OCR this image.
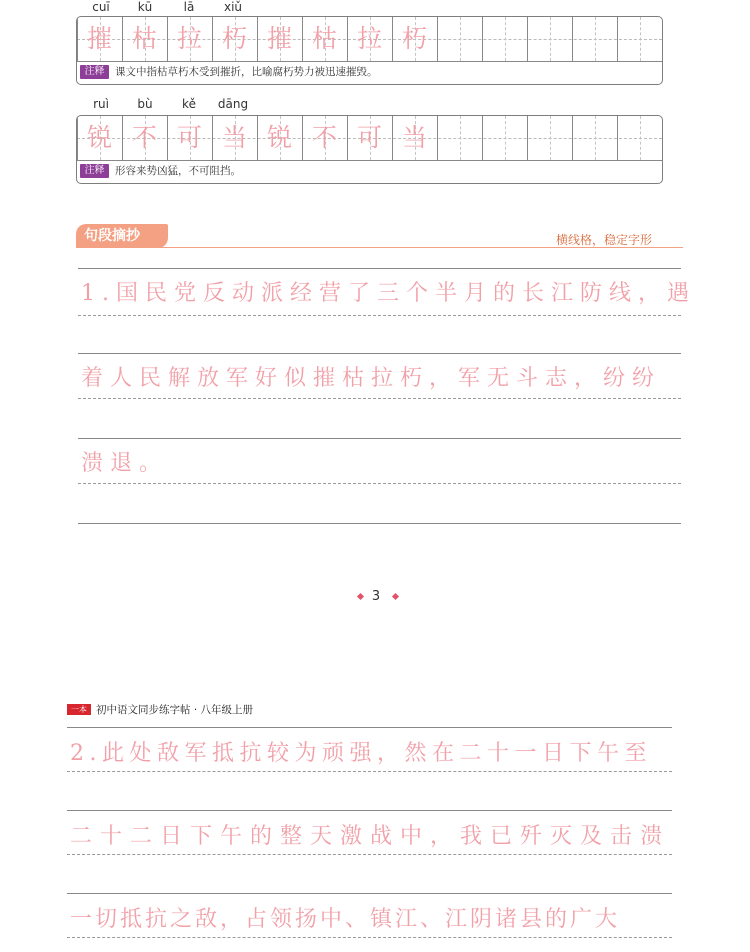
cuī	kū	lā	xiǔ
摧 枯 拉 朽 摧 枯 拉 朽
注释	课文中指枯草朽木受到摧折，比喻腐朽势力被迅速摧毁。
ruì	bù	kě	dāng
锐 不 可 当 锐 不 可 当
注释	形容来势凶猛，不可阻挡。
句段摘抄	横线格，稳定字形
1.国民党反动派经营了三个半月的长江防线，遇
着人民解放军好似摧枯拉朽，军无斗志，纷纷
溃退。
3
一本 初中语文同步练字帖 · 八年级上册
2.此处敌军抵抗较为顽强，然在二十一日下午至
二十二日下午的整天激战中，我已歼灭及击溃
一切抵抗之敌，占领扬中、镇江、江阴诸县的广大
